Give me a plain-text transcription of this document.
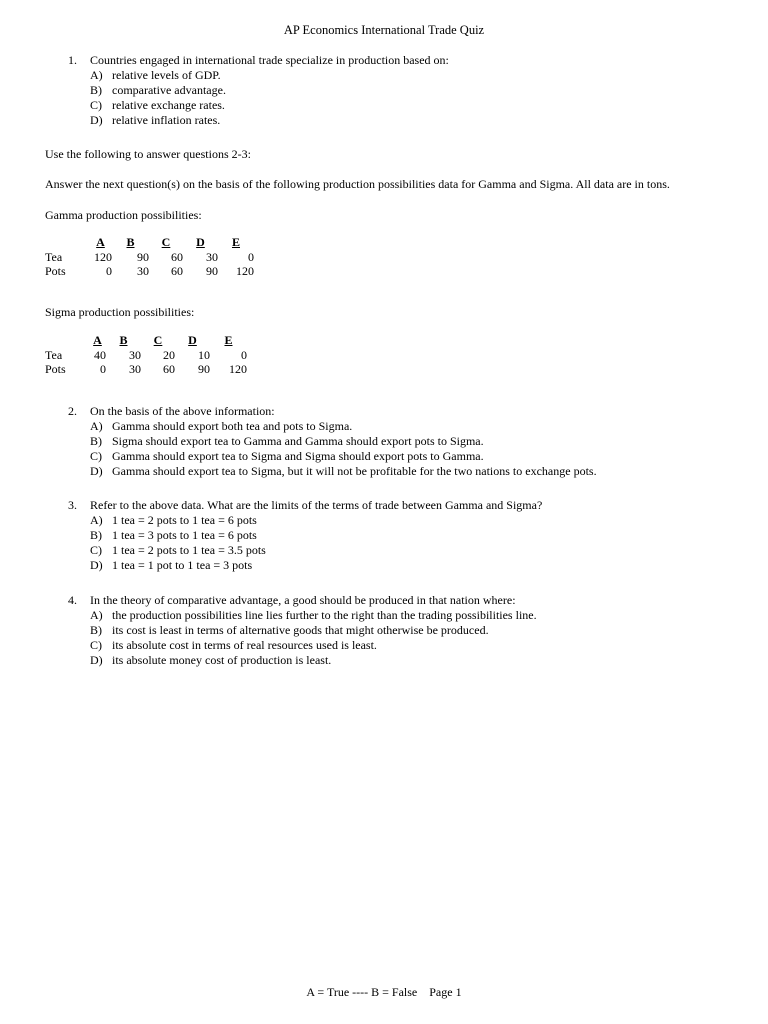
AP Economics International Trade Quiz
1.	Countries engaged in international trade specialize in production based on:
A) relative levels of GDP.
B) comparative advantage.
C) relative exchange rates.
D) relative inflation rates.
Use the following to answer questions 2-3:
Answer the next question(s) on the basis of the following production possibilities data for Gamma and Sigma. All data are in tons.
Gamma production possibilities:
	A	B	C	D	E
Tea	120	90	60	30	0
Pots	0	30	60	90	120
Sigma production possibilities:
	A	B	C	D	E
Tea	40	30	20	10	0
Pots	0	30	60	90	120
2.	On the basis of the above information:
A) Gamma should export both tea and pots to Sigma.
B) Sigma should export tea to Gamma and Gamma should export pots to Sigma.
C) Gamma should export tea to Sigma and Sigma should export pots to Gamma.
D) Gamma should export tea to Sigma, but it will not be profitable for the two nations to exchange pots.
3.	Refer to the above data. What are the limits of the terms of trade between Gamma and Sigma?
A) 1 tea = 2 pots to 1 tea = 6 pots
B) 1 tea = 3 pots to 1 tea = 6 pots
C) 1 tea = 2 pots to 1 tea = 3.5 pots
D) 1 tea = 1 pot to 1 tea = 3 pots
4.	In the theory of comparative advantage, a good should be produced in that nation where:
A) the production possibilities line lies further to the right than the trading possibilities line.
B) its cost is least in terms of alternative goods that might otherwise be produced.
C) its absolute cost in terms of real resources used is least.
D) its absolute money cost of production is least.
A = True ---- B = False    Page 1
